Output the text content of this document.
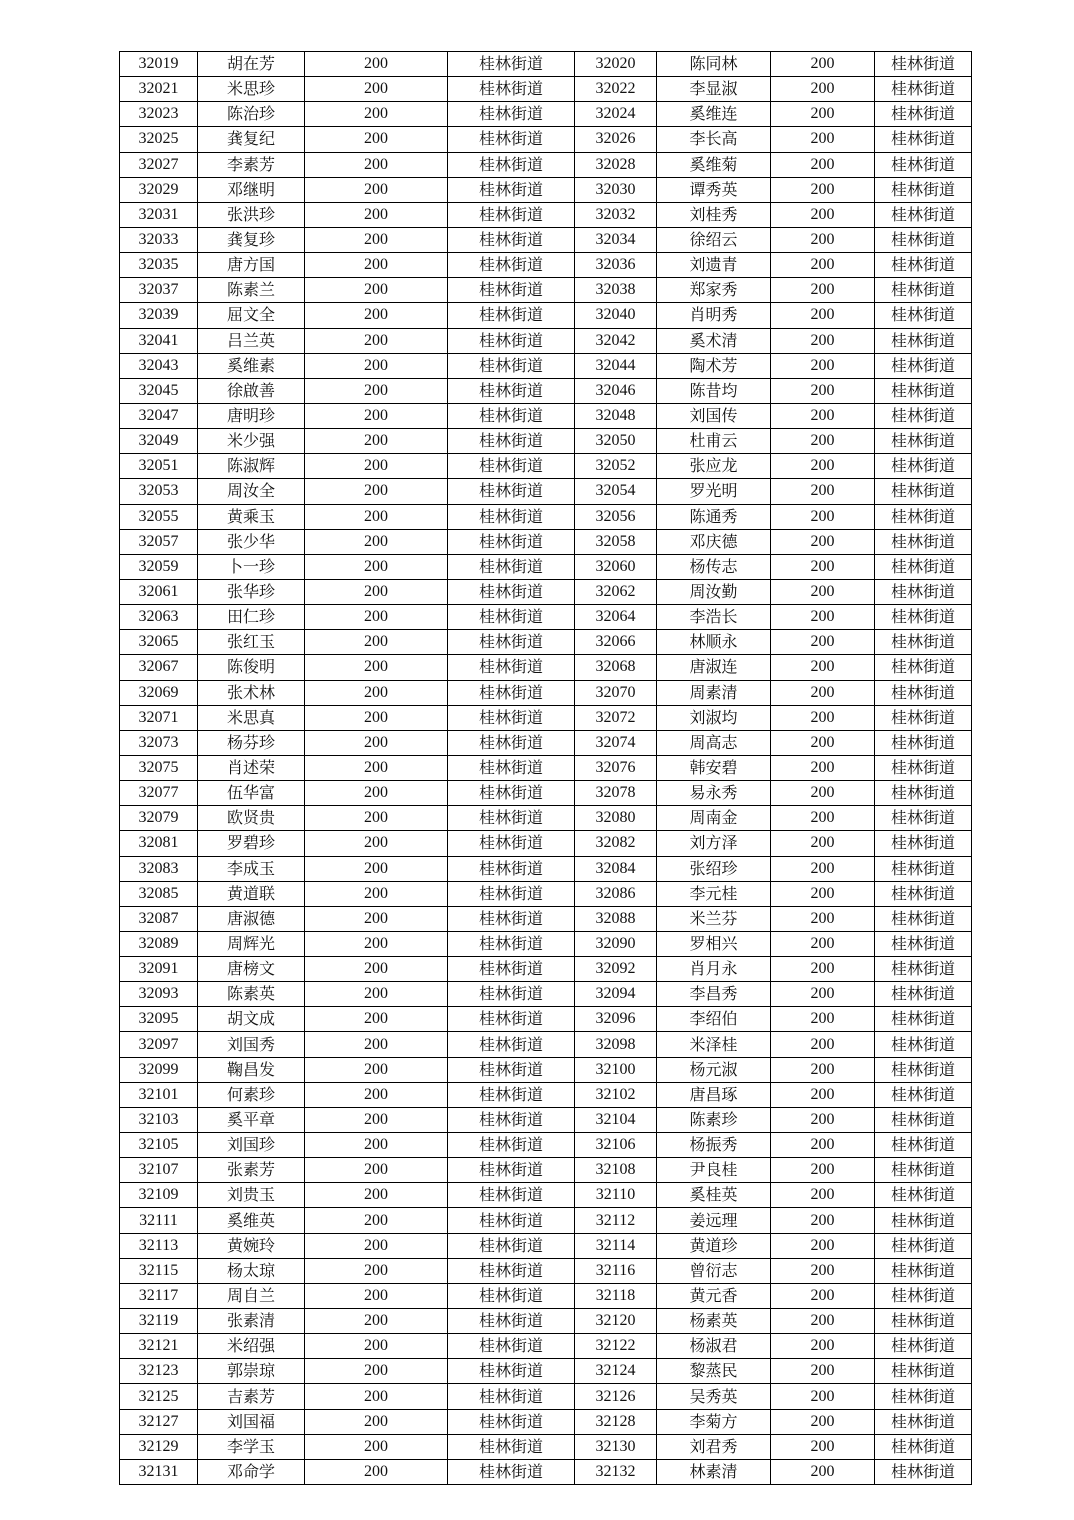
32019	胡在芳	200	桂林街道	32020	陈同林	200	桂林街道
32021	米思珍	200	桂林街道	32022	李显淑	200	桂林街道
32023	陈治珍	200	桂林街道	32024	奚维连	200	桂林街道
32025	龚复纪	200	桂林街道	32026	李长高	200	桂林街道
32027	李素芳	200	桂林街道	32028	奚维菊	200	桂林街道
32029	邓继明	200	桂林街道	32030	谭秀英	200	桂林街道
32031	张洪珍	200	桂林街道	32032	刘桂秀	200	桂林街道
32033	龚复珍	200	桂林街道	32034	徐绍云	200	桂林街道
32035	唐方国	200	桂林街道	32036	刘遗青	200	桂林街道
32037	陈素兰	200	桂林街道	32038	郑家秀	200	桂林街道
32039	屈文全	200	桂林街道	32040	肖明秀	200	桂林街道
32041	吕兰英	200	桂林街道	32042	奚术清	200	桂林街道
32043	奚维素	200	桂林街道	32044	陶术芳	200	桂林街道
32045	徐啟善	200	桂林街道	32046	陈昔均	200	桂林街道
32047	唐明珍	200	桂林街道	32048	刘国传	200	桂林街道
32049	米少强	200	桂林街道	32050	杜甫云	200	桂林街道
32051	陈淑辉	200	桂林街道	32052	张应龙	200	桂林街道
32053	周汝全	200	桂林街道	32054	罗光明	200	桂林街道
32055	黄乘玉	200	桂林街道	32056	陈通秀	200	桂林街道
32057	张少华	200	桂林街道	32058	邓庆德	200	桂林街道
32059	卜一珍	200	桂林街道	32060	杨传志	200	桂林街道
32061	张华珍	200	桂林街道	32062	周汝勤	200	桂林街道
32063	田仁珍	200	桂林街道	32064	李浩长	200	桂林街道
32065	张红玉	200	桂林街道	32066	林顺永	200	桂林街道
32067	陈俊明	200	桂林街道	32068	唐淑连	200	桂林街道
32069	张术林	200	桂林街道	32070	周素清	200	桂林街道
32071	米思真	200	桂林街道	32072	刘淑均	200	桂林街道
32073	杨芬珍	200	桂林街道	32074	周高志	200	桂林街道
32075	肖述荣	200	桂林街道	32076	韩安碧	200	桂林街道
32077	伍华富	200	桂林街道	32078	易永秀	200	桂林街道
32079	欧贤贵	200	桂林街道	32080	周南金	200	桂林街道
32081	罗碧珍	200	桂林街道	32082	刘方泽	200	桂林街道
32083	李成玉	200	桂林街道	32084	张绍珍	200	桂林街道
32085	黄道联	200	桂林街道	32086	李元桂	200	桂林街道
32087	唐淑德	200	桂林街道	32088	米兰芬	200	桂林街道
32089	周辉光	200	桂林街道	32090	罗相兴	200	桂林街道
32091	唐榜文	200	桂林街道	32092	肖月永	200	桂林街道
32093	陈素英	200	桂林街道	32094	李昌秀	200	桂林街道
32095	胡文成	200	桂林街道	32096	李绍伯	200	桂林街道
32097	刘国秀	200	桂林街道	32098	米泽桂	200	桂林街道
32099	鞠昌发	200	桂林街道	32100	杨元淑	200	桂林街道
32101	何素珍	200	桂林街道	32102	唐昌琢	200	桂林街道
32103	奚平章	200	桂林街道	32104	陈素珍	200	桂林街道
32105	刘国珍	200	桂林街道	32106	杨振秀	200	桂林街道
32107	张素芳	200	桂林街道	32108	尹良桂	200	桂林街道
32109	刘贵玉	200	桂林街道	32110	奚桂英	200	桂林街道
32111	奚维英	200	桂林街道	32112	姜远理	200	桂林街道
32113	黄婉玲	200	桂林街道	32114	黄道珍	200	桂林街道
32115	杨太琼	200	桂林街道	32116	曾衍志	200	桂林街道
32117	周自兰	200	桂林街道	32118	黄元香	200	桂林街道
32119	张素清	200	桂林街道	32120	杨素英	200	桂林街道
32121	米绍强	200	桂林街道	32122	杨淑君	200	桂林街道
32123	郭崇琼	200	桂林街道	32124	黎蒸民	200	桂林街道
32125	吉素芳	200	桂林街道	32126	吴秀英	200	桂林街道
32127	刘国福	200	桂林街道	32128	李菊方	200	桂林街道
32129	李学玉	200	桂林街道	32130	刘君秀	200	桂林街道
32131	邓命学	200	桂林街道	32132	林素清	200	桂林街道
